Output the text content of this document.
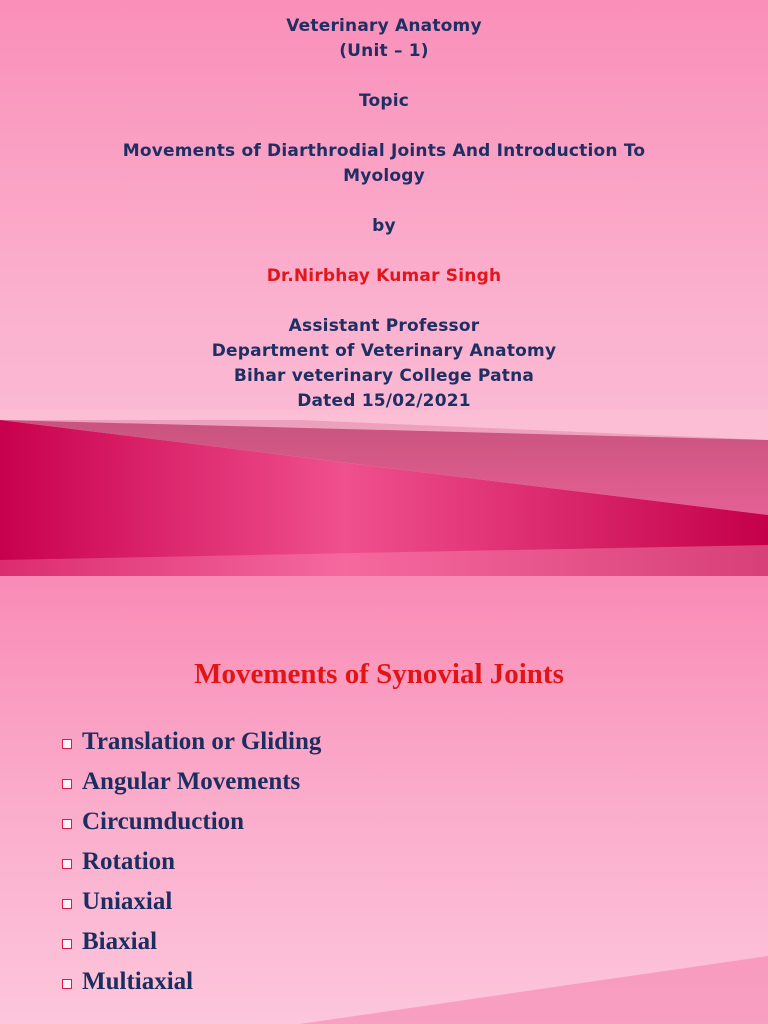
Veterinary Anatomy
(Unit – 1)
Topic
Movements of Diarthrodial Joints And Introduction To
Myology
by
Dr.Nirbhay Kumar Singh
Assistant Professor
Department of Veterinary Anatomy
Bihar veterinary College Patna
Dated 15/02/2021
Movements of Synovial Joints
Translation or Gliding
Angular Movements
Circumduction
Rotation
Uniaxial
Biaxial
Multiaxial
